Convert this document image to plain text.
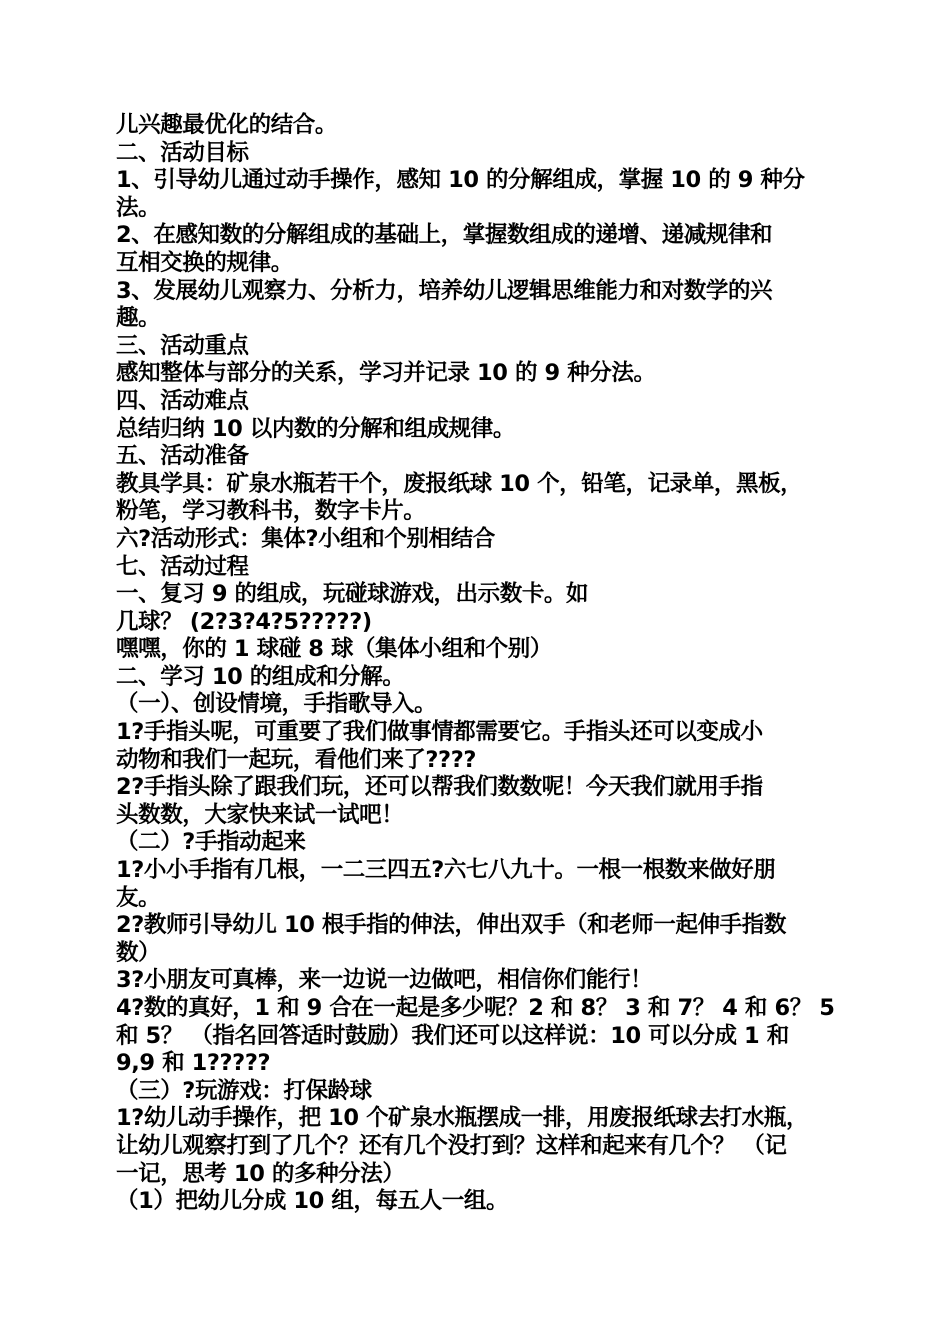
儿兴趣最优化的结合。
二、活动目标
1、引导幼儿通过动手操作，感知 10 的分解组成，掌握 10 的 9 种分
法。
2、在感知数的分解组成的基础上，掌握数组成的递增、递减规律和
互相交换的规律。
3、发展幼儿观察力、分析力，培养幼儿逻辑思维能力和对数学的兴
趣。
三、活动重点
感知整体与部分的关系，学习并记录 10 的 9 种分法。
四、活动难点
总结归纳 10 以内数的分解和组成规律。
五、活动准备
教具学具：矿泉水瓶若干个，废报纸球 10 个，铅笔，记录单，黑板，
粉笔，学习教科书，数字卡片。
六?活动形式：集体?小组和个别相结合
七、活动过程
一、复习 9 的组成，玩碰球游戏，出示数卡。如
几球？ (2?3?4?5?????)
嘿嘿，你的 1 球碰 8 球（集体小组和个别）
二、学习 10 的组成和分解。
（一）、创设情境，手指歌导入。
1?手指头呢，可重要了我们做事情都需要它。手指头还可以变成小
动物和我们一起玩，看他们来了????
2?手指头除了跟我们玩，还可以帮我们数数呢！今天我们就用手指
头数数，大家快来试一试吧！
（二）?手指动起来
1?小小手指有几根，一二三四五?六七八九十。一根一根数来做好朋
友。
2?教师引导幼儿 10 根手指的伸法，伸出双手（和老师一起伸手指数
数）
3?小朋友可真棒，来一边说一边做吧，相信你们能行！
4?数的真好，1 和 9 合在一起是多少呢？2 和 8？ 3 和 7？ 4 和 6？ 5
和 5？ （指名回答适时鼓励）我们还可以这样说：10 可以分成 1 和
9,9 和 1?????
（三）?玩游戏：打保龄球
1?幼儿动手操作，把 10 个矿泉水瓶摆成一排，用废报纸球去打水瓶，
让幼儿观察打到了几个？还有几个没打到？这样和起来有几个？ （记
一记，思考 10 的多种分法）
（1）把幼儿分成 10 组，每五人一组。
